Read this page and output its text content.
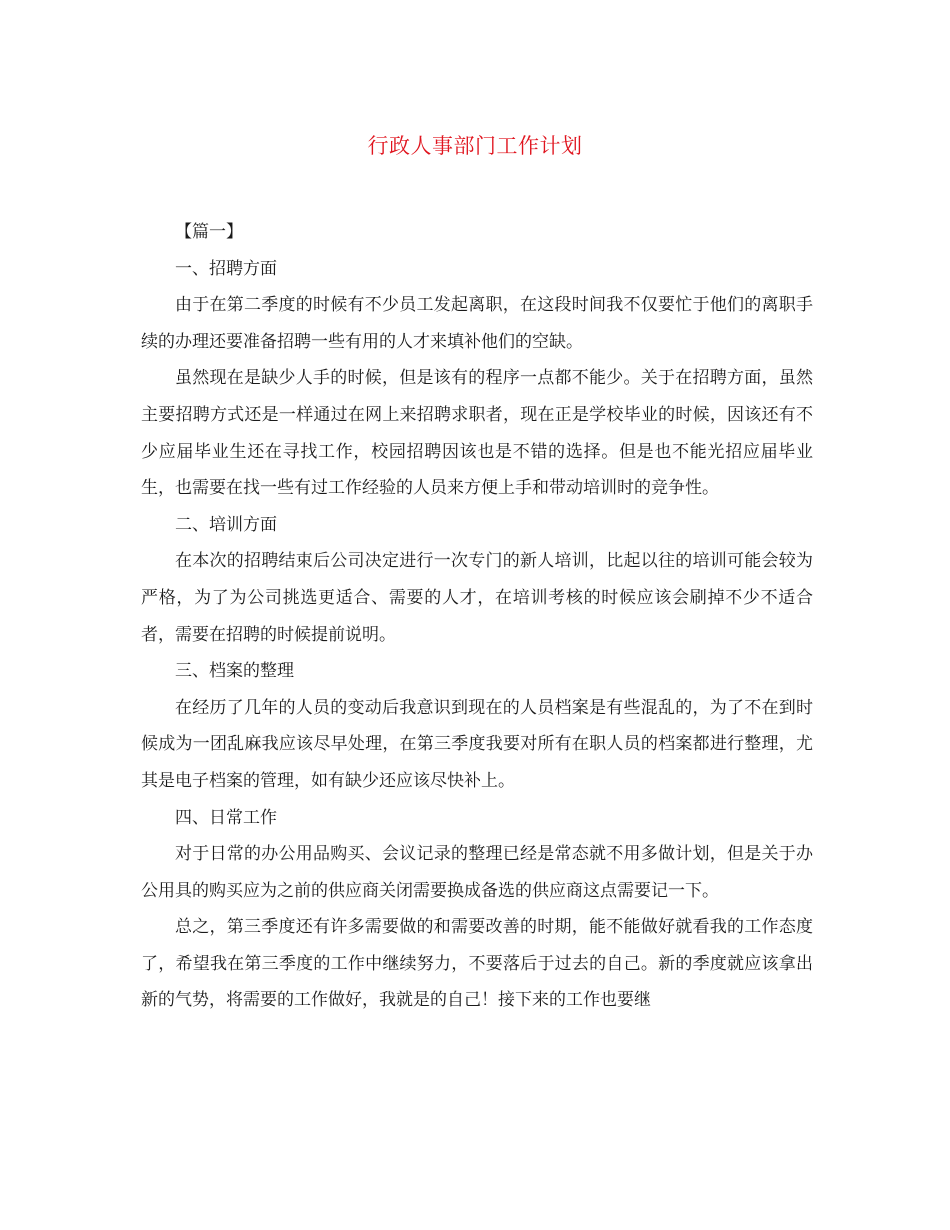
行政人事部门工作计划

【篇一】

一、招聘方面

由于在第二季度的时候有不少员工发起离职，在这段时间我不仅要忙于他们的离职手续的办理还要准备招聘一些有用的人才来填补他们的空缺。

虽然现在是缺少人手的时候，但是该有的程序一点都不能少。关于在招聘方面，虽然主要招聘方式还是一样通过在网上来招聘求职者，现在正是学校毕业的时候，因该还有不少应届毕业生还在寻找工作，校园招聘因该也是不错的选择。但是也不能光招应届毕业生，也需要在找一些有过工作经验的人员来方便上手和带动培训时的竞争性。

二、培训方面

在本次的招聘结束后公司决定进行一次专门的新人培训，比起以往的培训可能会较为严格，为了为公司挑选更适合、需要的人才，在培训考核的时候应该会刷掉不少不适合者，需要在招聘的时候提前说明。

三、档案的整理

在经历了几年的人员的变动后我意识到现在的人员档案是有些混乱的，为了不在到时候成为一团乱麻我应该尽早处理，在第三季度我要对所有在职人员的档案都进行整理，尤其是电子档案的管理，如有缺少还应该尽快补上。

四、日常工作

对于日常的办公用品购买、会议记录的整理已经是常态就不用多做计划，但是关于办公用具的购买应为之前的供应商关闭需要换成备选的供应商这点需要记一下。

总之，第三季度还有许多需要做的和需要改善的时期，能不能做好就看我的工作态度了，希望我在第三季度的工作中继续努力，不要落后于过去的自己。新的季度就应该拿出新的气势，将需要的工作做好，我就是的自己！接下来的工作也要继
